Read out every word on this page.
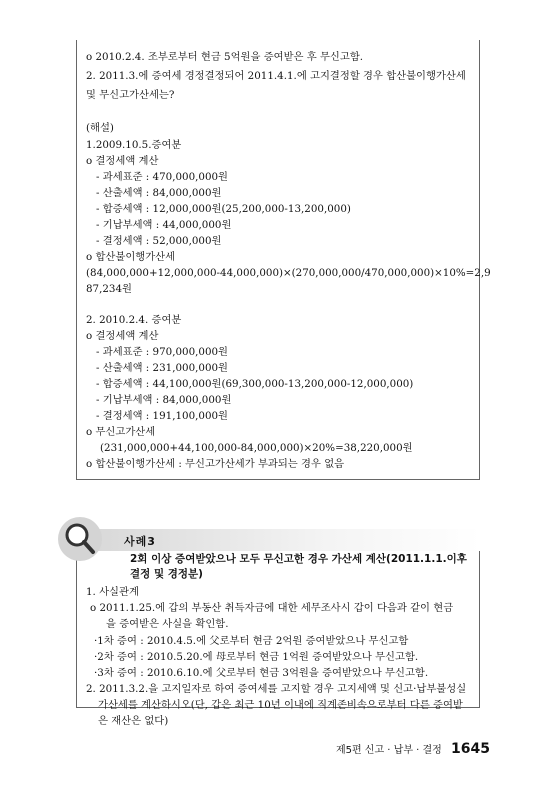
o 2010.2.4. 조부로부터 현금 5억원을 증여받은 후 무신고함.
2. 2011.3.에 증여세 경정결정되어 2011.4.1.에 고지결정할 경우 합산불이행가산세
및 무신고가산세는?
(해설)
1.2009.10.5.증여분
o 결정세액 계산
- 과세표준 : 470,000,000원
- 산출세액 : 84,000,000원
- 합증세액 : 12,000,000원(25,200,000-13,200,000)
- 기납부세액 : 44,000,000원
- 결정세액 : 52,000,000원
o 합산불이행가산세
(84,000,000+12,000,000-44,000,000)×(270,000,000/470,000,000)×10%=2,9
87,234원
2. 2010.2.4. 증여분
o 결정세액 계산
- 과세표준 : 970,000,000원
- 산출세액 : 231,000,000원
- 합증세액 : 44,100,000원(69,300,000-13,200,000-12,000,000)
- 기납부세액 : 84,000,000원
- 결정세액 : 191,100,000원
o 무신고가산세
(231,000,000+44,100,000-84,000,000)×20%=38,220,000원
o 합산불이행가산세 : 무신고가산세가 부과되는 경우 없음
사례3
2회 이상 증여받았으나 모두 무신고한 경우 가산세 계산(2011.1.1.이후 결정 및 경정분)
1. 사실관계
o 2011.1.25.에 갑의 부동산 취득자금에 대한 세무조사시 갑이 다음과 같이 현금
을 증여받은 사실을 확인함.
·1차 증여 : 2010.4.5.에 父로부터 현금 2억원 증여받았으나 무신고함
·2차 증여 : 2010.5.20.에 母로부터 현금 1억원 증여받았으나 무신고함.
·3차 증여 : 2010.6.10.에 父로부터 현금 3억원을 증여받았으나 무신고함.
2. 2011.3.2.을 고지일자로 하여 증여세를 고지할 경우 고지세액 및 신고·납부불성실
가산세를 계산하시오(단, 갑은 최근 10년 이내에 직계존비속으로부터 다른 증여받
은 재산은 없다)
제5편 신고 · 납부 · 결정 1645
